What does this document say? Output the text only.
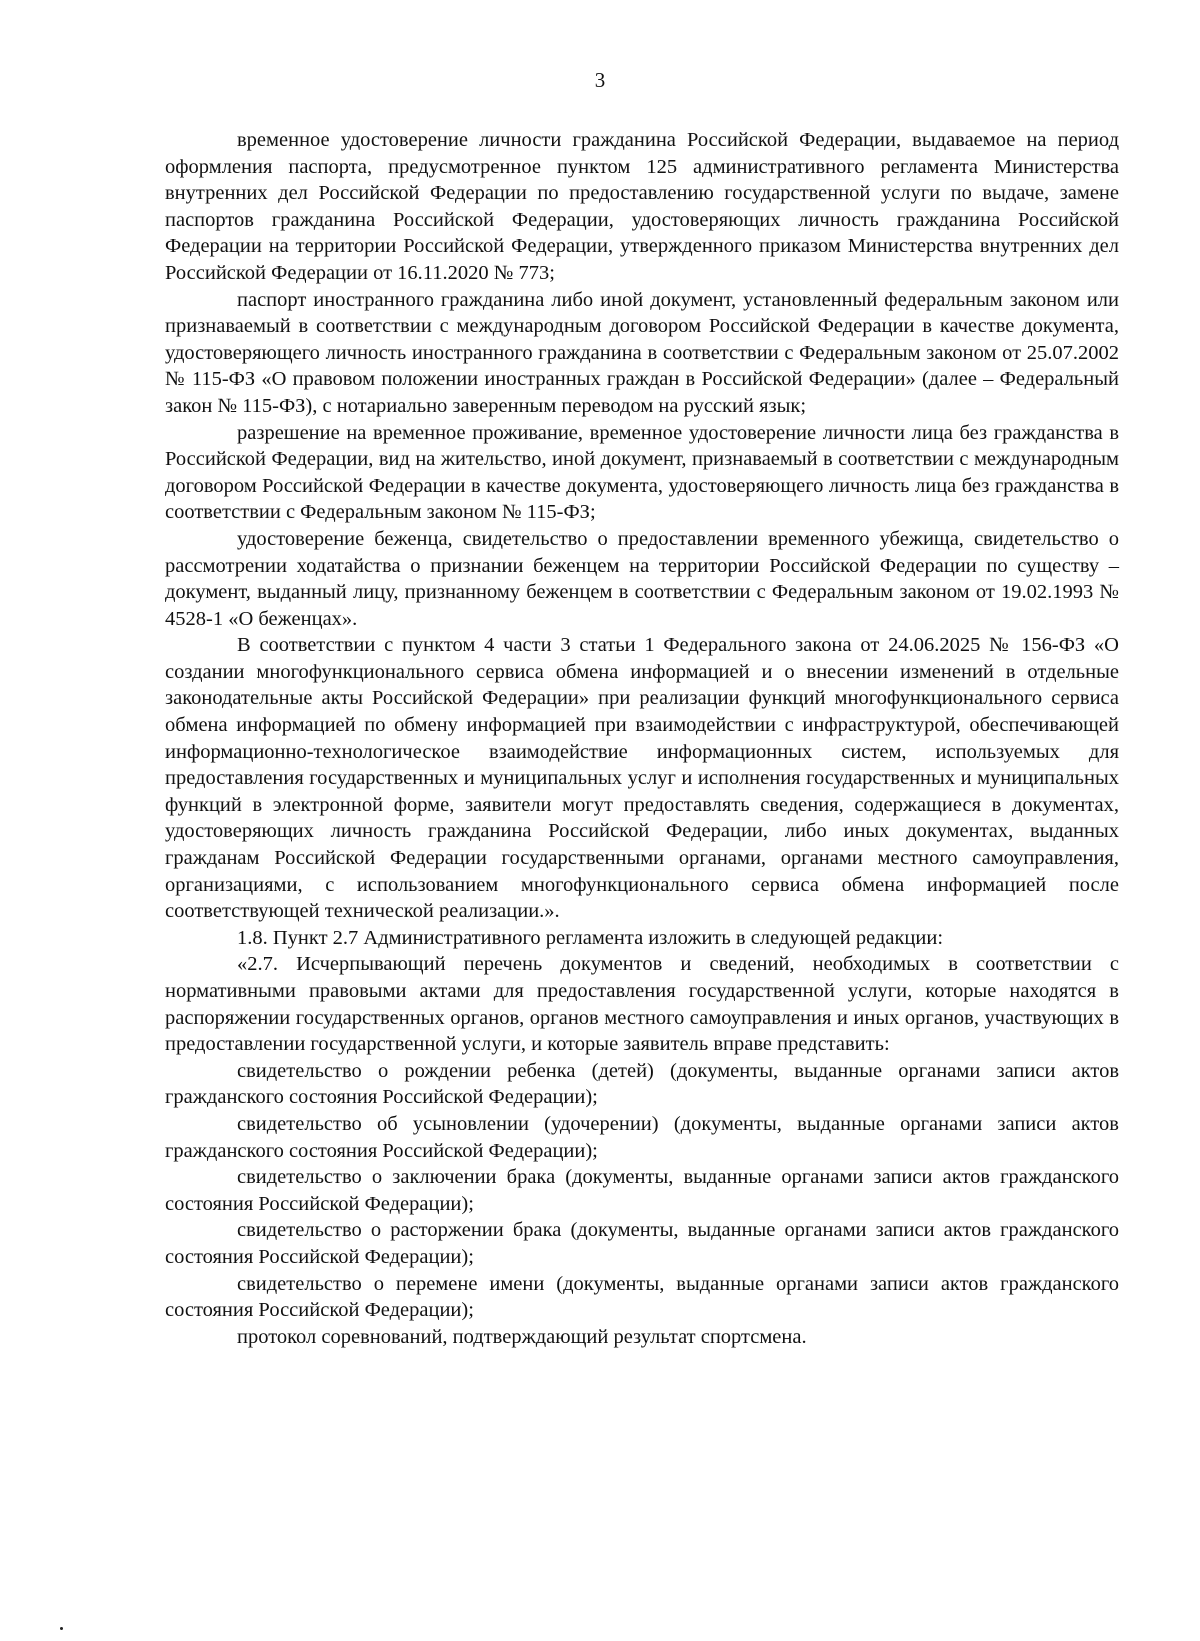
3

временное удостоверение личности гражданина Российской Федерации, выдаваемое на период оформления паспорта, предусмотренное пунктом 125 административного регламента Министерства внутренних дел Российской Федерации по предоставлению государственной услуги по выдаче, замене паспортов гражданина Российской Федерации, удостоверяющих личность гражданина Российской Федерации на территории Российской Федерации, утвержденного приказом Министерства внутренних дел Российской Федерации от 16.11.2020 № 773;

паспорт иностранного гражданина либо иной документ, установленный федеральным законом или признаваемый в соответствии с международным договором Российской Федерации в качестве документа, удостоверяющего личность иностранного гражданина в соответствии с Федеральным законом от 25.07.2002 № 115-ФЗ «О правовом положении иностранных граждан в Российской Федерации» (далее – Федеральный закон № 115-ФЗ), с нотариально заверенным переводом на русский язык;

разрешение на временное проживание, временное удостоверение личности лица без гражданства в Российской Федерации, вид на жительство, иной документ, признаваемый в соответствии с международным договором Российской Федерации в качестве документа, удостоверяющего личность лица без гражданства в соответствии с Федеральным законом № 115-ФЗ;

удостоверение беженца, свидетельство о предоставлении временного убежища, свидетельство о рассмотрении ходатайства о признании беженцем на территории Российской Федерации по существу – документ, выданный лицу, признанному беженцем в соответствии с Федеральным законом от 19.02.1993 № 4528-1 «О беженцах».

В соответствии с пунктом 4 части 3 статьи 1 Федерального закона от 24.06.2025 № 156-ФЗ «О создании многофункционального сервиса обмена информацией и о внесении изменений в отдельные законодательные акты Российской Федерации» при реализации функций многофункционального сервиса обмена информацией по обмену информацией при взаимодействии с инфраструктурой, обеспечивающей информационно-технологическое взаимодействие информационных систем, используемых для предоставления государственных и муниципальных услуг и исполнения государственных и муниципальных функций в электронной форме, заявители могут предоставлять сведения, содержащиеся в документах, удостоверяющих личность гражданина Российской Федерации, либо иных документах, выданных гражданам Российской Федерации государственными органами, органами местного самоуправления, организациями, с использованием многофункционального сервиса обмена информацией после соответствующей технической реализации.».

1.8. Пункт 2.7 Административного регламента изложить в следующей редакции:

«2.7. Исчерпывающий перечень документов и сведений, необходимых в соответствии с нормативными правовыми актами для предоставления государственной услуги, которые находятся в распоряжении государственных органов, органов местного самоуправления и иных органов, участвующих в предоставлении государственной услуги, и которые заявитель вправе представить:

свидетельство о рождении ребенка (детей) (документы, выданные органами записи актов гражданского состояния Российской Федерации);

свидетельство об усыновлении (удочерении) (документы, выданные органами записи актов гражданского состояния Российской Федерации);

свидетельство о заключении брака (документы, выданные органами записи актов гражданского состояния Российской Федерации);

свидетельство о расторжении брака (документы, выданные органами записи актов гражданского состояния Российской Федерации);

свидетельство о перемене имени (документы, выданные органами записи актов гражданского состояния Российской Федерации);

протокол соревнований, подтверждающий результат спортсмена.
